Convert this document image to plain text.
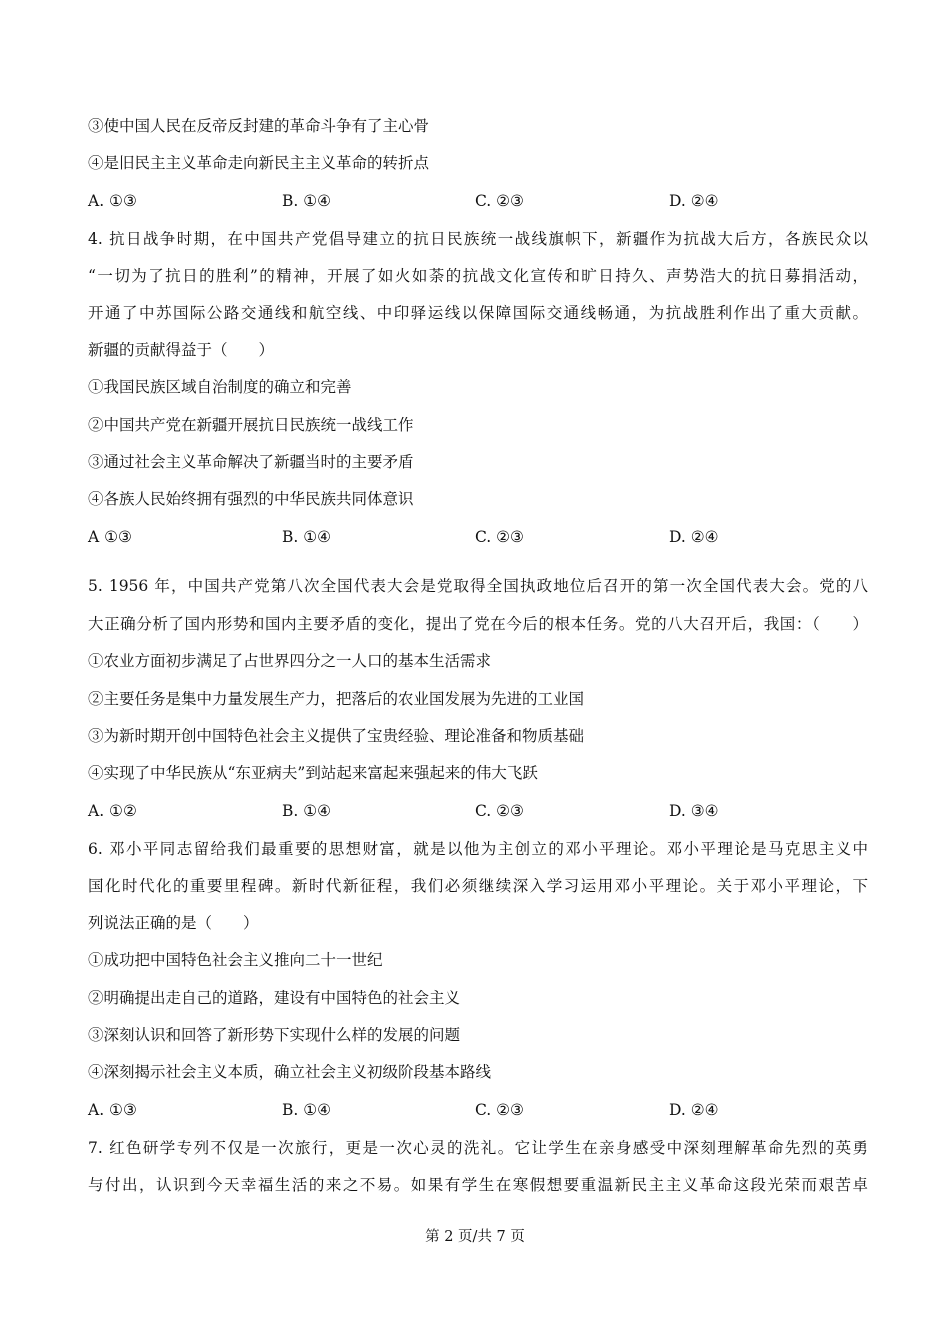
③使中国人民在反帝反封建的革命斗争有了主心骨
④是旧民主主义革命走向新民主主义革命的转折点
A. ①③	B. ①④	C. ②③	D. ②④
4. 抗日战争时期，在中国共产党倡导建立的抗日民族统一战线旗帜下，新疆作为抗战大后方，各族民众以
“一切为了抗日的胜利”的精神，开展了如火如荼的抗战文化宣传和旷日持久、声势浩大的抗日募捐活动，
开通了中苏国际公路交通线和航空线、中印驿运线以保障国际交通线畅通，为抗战胜利作出了重大贡献。
新疆的贡献得益于（　　）
①我国民族区域自治制度的确立和完善
②中国共产党在新疆开展抗日民族统一战线工作
③通过社会主义革命解决了新疆当时的主要矛盾
④各族人民始终拥有强烈的中华民族共同体意识
A ①③	B. ①④	C. ②③	D. ②④
5. 1956 年，中国共产党第八次全国代表大会是党取得全国执政地位后召开的第一次全国代表大会。党的八
大正确分析了国内形势和国内主要矛盾的变化，提出了党在今后的根本任务。党的八大召开后，我国：（　　）
①农业方面初步满足了占世界四分之一人口的基本生活需求
②主要任务是集中力量发展生产力，把落后的农业国发展为先进的工业国
③为新时期开创中国特色社会主义提供了宝贵经验、理论准备和物质基础
④实现了中华民族从“东亚病夫”到站起来富起来强起来的伟大飞跃
A. ①②	B. ①④	C. ②③	D. ③④
6. 邓小平同志留给我们最重要的思想财富，就是以他为主创立的邓小平理论。邓小平理论是马克思主义中
国化时代化的重要里程碑。新时代新征程，我们必须继续深入学习运用邓小平理论。关于邓小平理论，下
列说法正确的是（　　）
①成功把中国特色社会主义推向二十一世纪
②明确提出走自己的道路，建设有中国特色的社会主义
③深刻认识和回答了新形势下实现什么样的发展的问题
④深刻揭示社会主义本质，确立社会主义初级阶段基本路线
A. ①③	B. ①④	C. ②③	D. ②④
7. 红色研学专列不仅是一次旅行，更是一次心灵的洗礼。它让学生在亲身感受中深刻理解革命先烈的英勇
与付出，认识到今天幸福生活的来之不易。如果有学生在寒假想要重温新民主主义革命这段光荣而艰苦卓
第 2 页/共 7 页
